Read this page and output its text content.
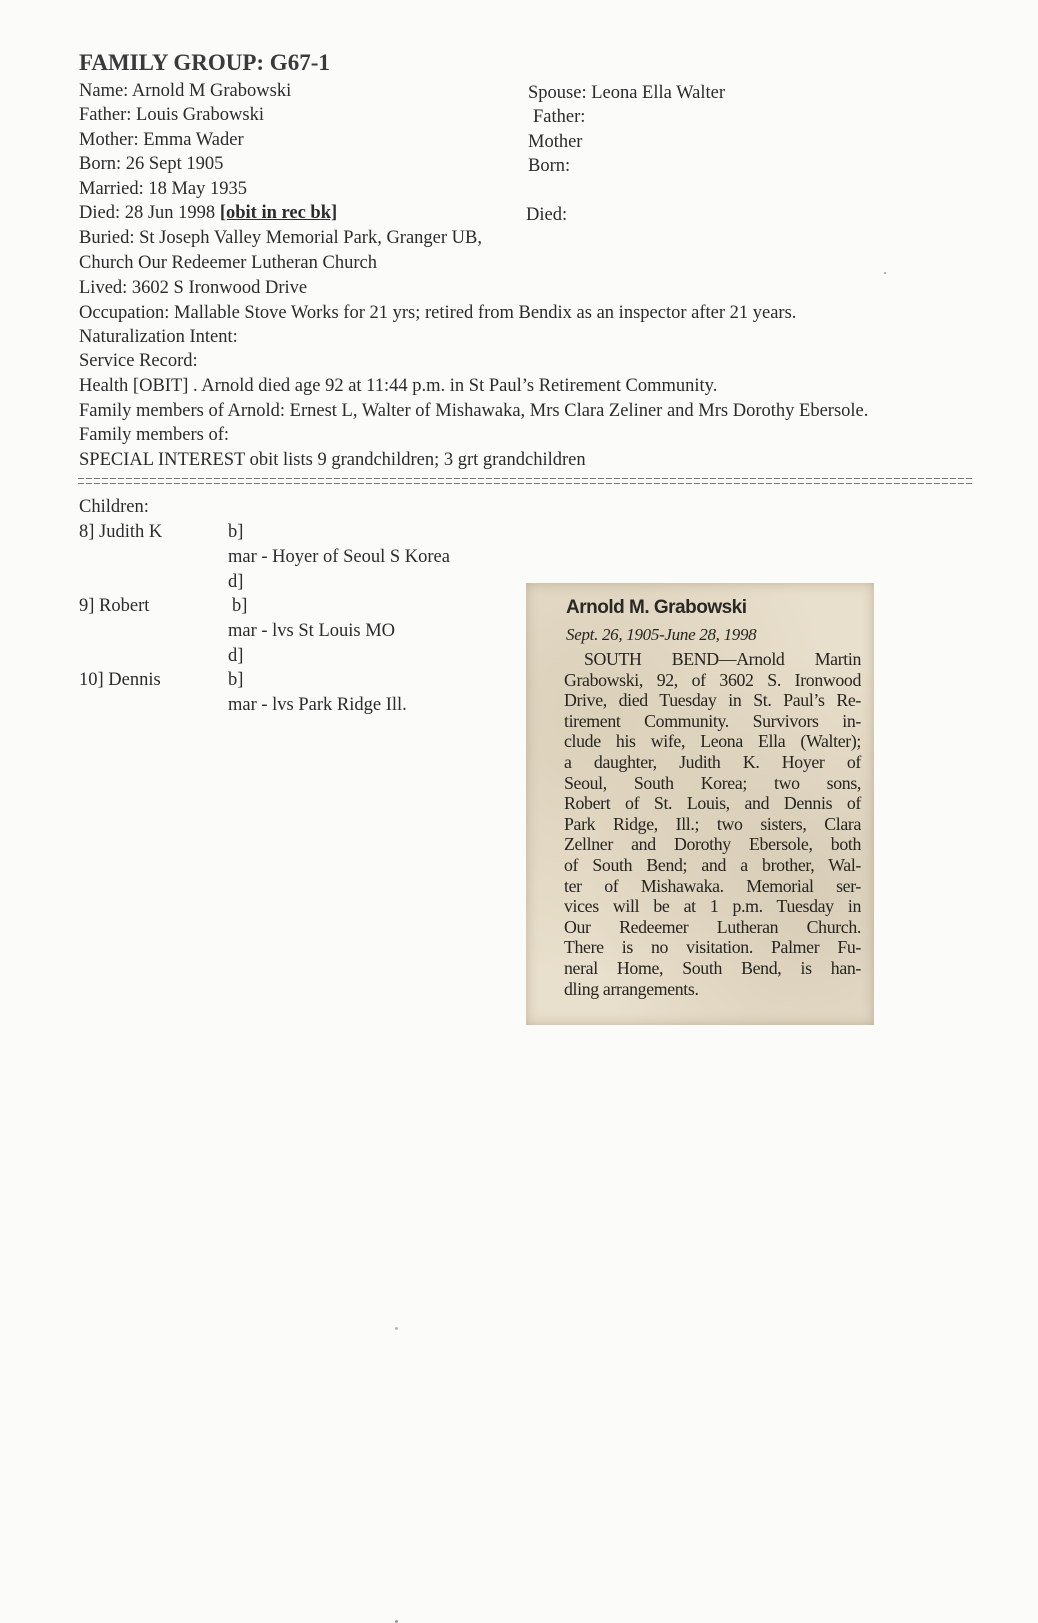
FAMILY GROUP: G67-1
Name: Arnold M Grabowski
Father: Louis Grabowski
Mother: Emma Wader
Born: 26 Sept 1905
Married: 18 May 1935
Died: 28 Jun 1998 [obit in rec bk]
Buried: St Joseph Valley Memorial Park, Granger UB,
Church Our Redeemer Lutheran Church
Lived: 3602 S Ironwood Drive
Occupation: Mallable Stove Works for 21 yrs; retired from Bendix as an inspector after 21 years.
Naturalization Intent:
Service Record:
Health [OBIT] . Arnold died age 92 at 11:44 p.m. in St Paul’s Retirement Community.
Family members of Arnold: Ernest L, Walter of Mishawaka, Mrs Clara Zeliner and Mrs Dorothy Ebersole.
Family members of:
SPECIAL INTEREST obit lists 9 grandchildren; 3 grt grandchildren
Spouse: Leona Ella Walter
Father:
Mother
Born:
Died:
Children:
8] Judith K	b]
mar - Hoyer of Seoul S Korea
d]
9] Robert	b]
mar - lvs St Louis MO
d]
10] Dennis	b]
mar - lvs Park Ridge Ill.
Arnold M. Grabowski
Sept. 26, 1905-June 28, 1998
SOUTH BEND—Arnold Martin
Grabowski, 92, of 3602 S. Ironwood
Drive, died Tuesday in St. Paul’s Re-
tirement Community. Survivors in-
clude his wife, Leona Ella (Walter);
a daughter, Judith K. Hoyer of
Seoul, South Korea; two sons,
Robert of St. Louis, and Dennis of
Park Ridge, Ill.; two sisters, Clara
Zellner and Dorothy Ebersole, both
of South Bend; and a brother, Wal-
ter of Mishawaka. Memorial ser-
vices will be at 1 p.m. Tuesday in
Our Redeemer Lutheran Church.
There is no visitation. Palmer Fu-
neral Home, South Bend, is han-
dling arrangements.
